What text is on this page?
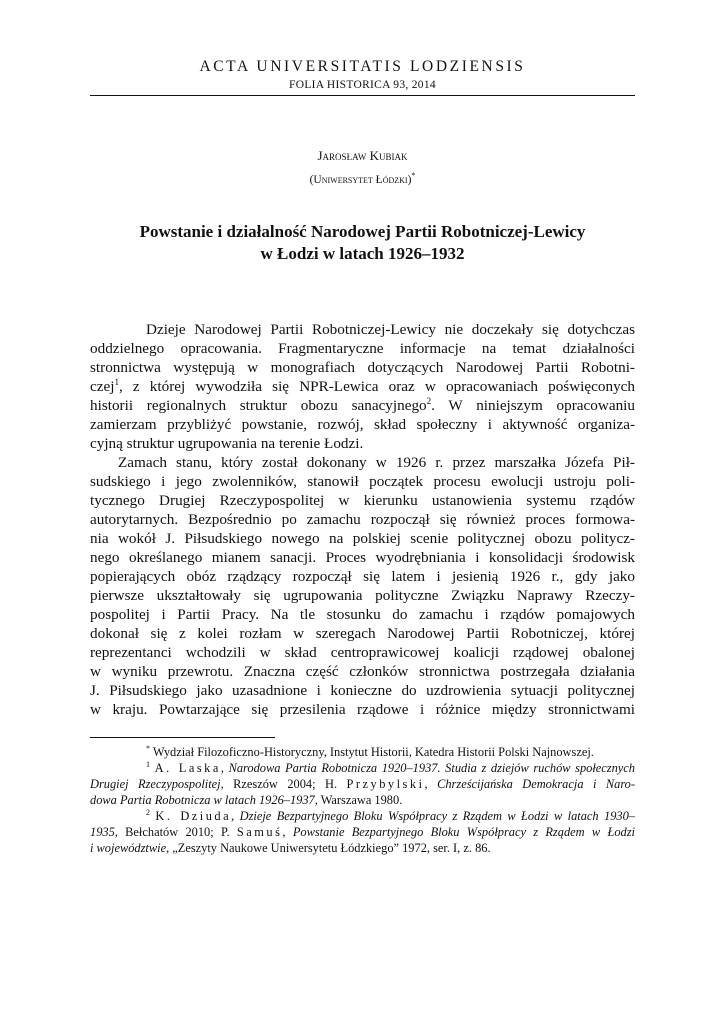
ACTA UNIVERSITATIS LODZIENSIS
FOLIA HISTORICA 93, 2014
Jarosław Kubiak
(Uniwersytet Łódzki)*
Powstanie i działalność Narodowej Partii Robotniczej-Lewicy
w Łodzi w latach 1926–1932
Dzieje Narodowej Partii Robotniczej-Lewicy nie doczekały się dotychczas
oddzielnego opracowania. Fragmentaryczne informacje na temat działalności
stronnictwa występują w monografiach dotyczących Narodowej Partii Robotni-
czej$^1$, z której wywodziła się NPR-Lewica oraz w opracowaniach poświęconych
historii regionalnych struktur obozu sanacyjnego$^2$. W niniejszym opracowaniu
zamierzam przybliżyć powstanie, rozwój, skład społeczny i aktywność organiza-
cyjną struktur ugrupowania na terenie Łodzi.
Zamach stanu, który został dokonany w 1926 r. przez marszałka Józefa Pił-
sudskiego i jego zwolenników, stanowił początek procesu ewolucji ustroju poli-
tycznego Drugiej Rzeczypospolitej w kierunku ustanowienia systemu rządów
autorytarnych. Bezpośrednio po zamachu rozpoczął się również proces formowa-
nia wokół J. Piłsudskiego nowego na polskiej scenie politycznej obozu politycz-
nego określanego mianem sanacji. Proces wyodrębniania i konsolidacji środowisk
popierających obóz rządzący rozpoczął się latem i jesienią 1926 r., gdy jako
pierwsze ukształtowały się ugrupowania polityczne Związku Naprawy Rzeczy-
pospolitej i Partii Pracy. Na tle stosunku do zamachu i rządów pomajowych
dokonał się z kolei rozłam w szeregach Narodowej Partii Robotniczej, której
reprezentanci wchodzili w skład centroprawicowej koalicji rządowej obalonej
w wyniku przewrotu. Znaczna część członków stronnictwa postrzegała działania
J. Piłsudskiego jako uzasadnione i konieczne do uzdrowienia sytuacji politycznej
w kraju. Powtarzające się przesilenia rządowe i różnice między stronnictwami
* Wydział Filozoficzno-Historyczny, Instytut Historii, Katedra Historii Polski Najnowszej.
$^1$ A. Laska, Narodowa Partia Robotnicza 1920–1937. Studia z dziejów ruchów społecznych
Drugiej Rzeczypospolitej, Rzeszów 2004; H. Przybylski, Chrześcijańska Demokracja i Naro-
dowa Partia Robotnicza w latach 1926–1937, Warszawa 1980.
$^2$ K. Dziuda, Dzieje Bezpartyjnego Bloku Współpracy z Rządem w Łodzi w latach 1930–
1935, Bełchatów 2010; P. Samuś, Powstanie Bezpartyjnego Bloku Współpracy z Rządem w Łodzi
i województwie, „Zeszyty Naukowe Uniwersytetu Łódzkiego” 1972, ser. I, z. 86.
